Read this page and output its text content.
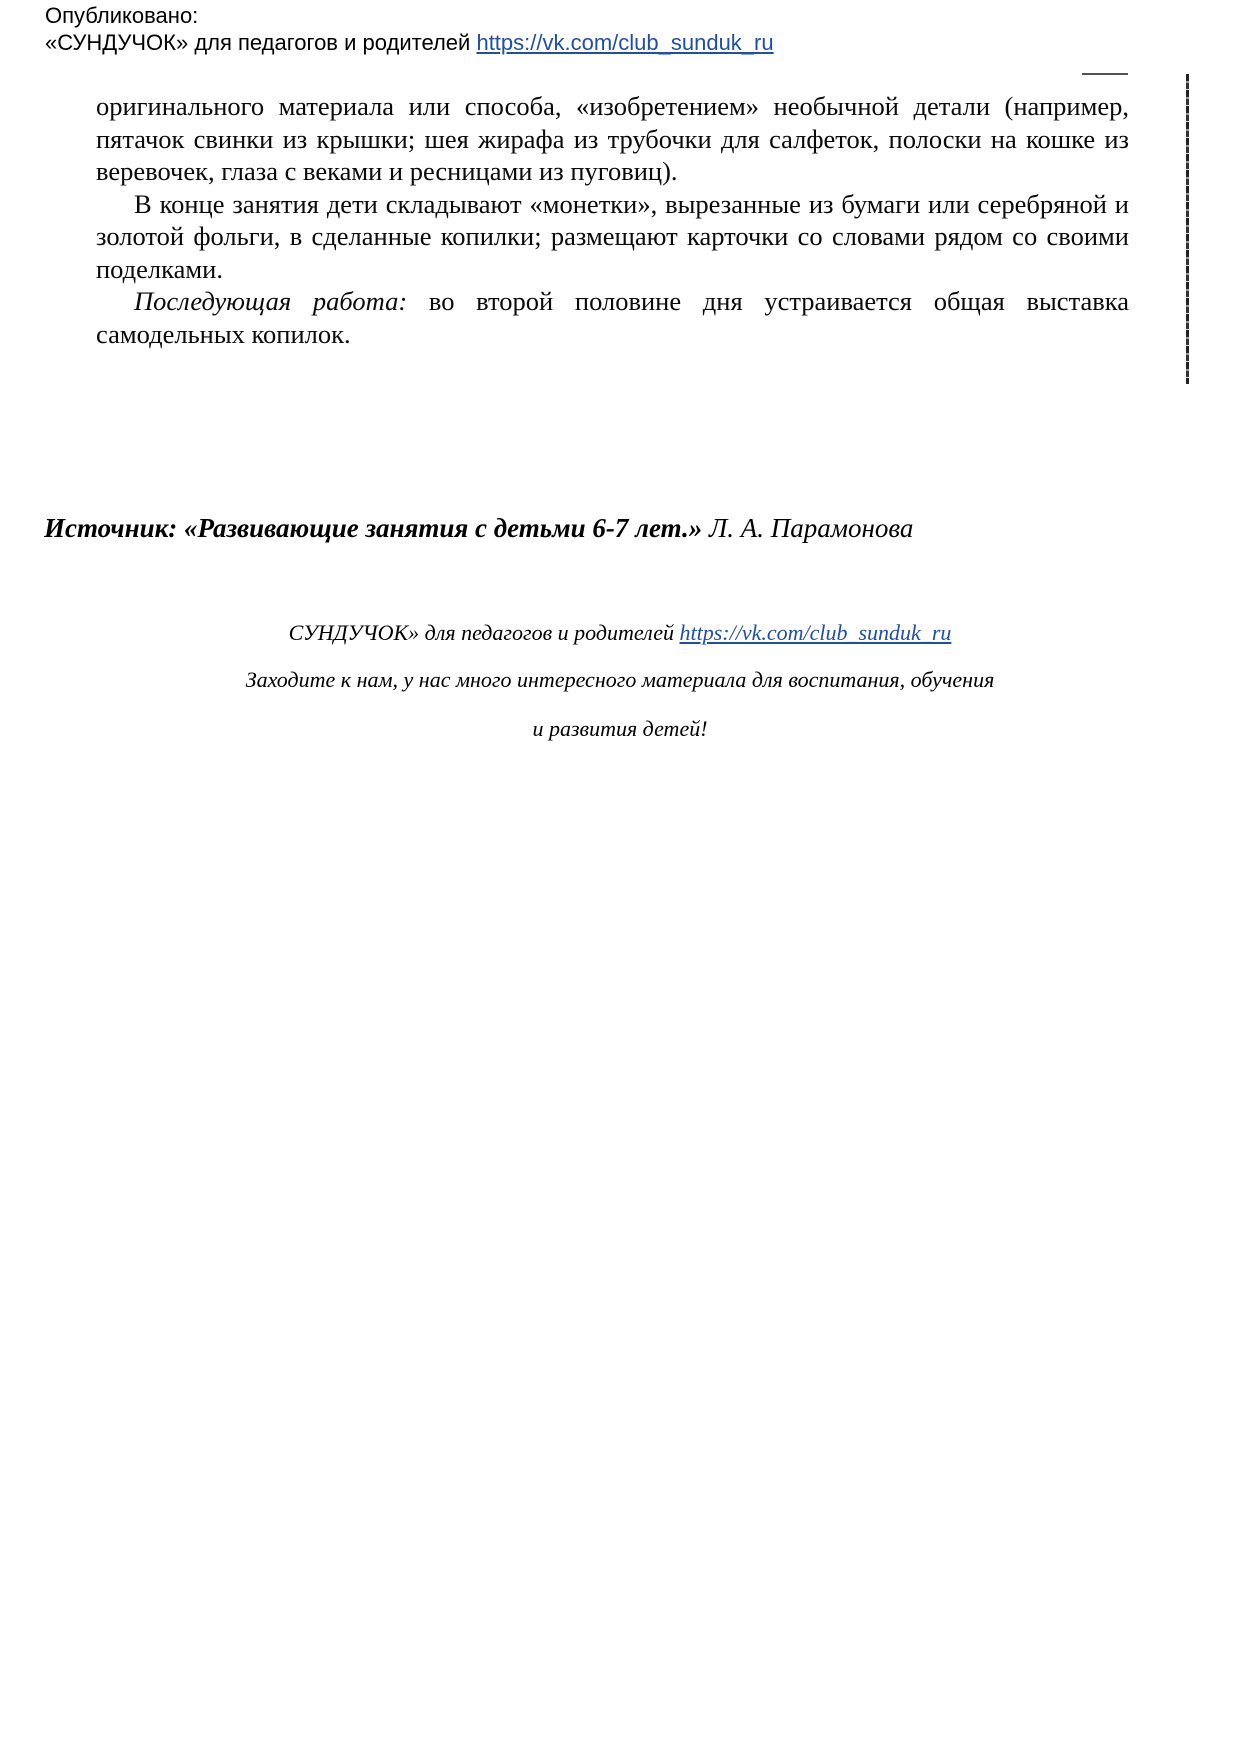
Опубликовано:
«СУНДУЧОК» для педагогов и родителей https://vk.com/club_sunduk_ru

оригинального материала или способа, «изобретением» необычной детали (например, пятачок свинки из крышки; шея жирафа из трубочки для салфеток, полоски на кошке из веревочек, глаза с веками и ресницами из пуговиц).

В конце занятия дети складывают «монетки», вырезанные из бумаги или серебряной и золотой фольги, в сделанные копилки; размещают карточки со словами рядом со своими поделками.

Последующая работа: во второй половине дня устраивается общая выставка самодельных копилок.

Источник: «Развивающие занятия с детьми 6-7 лет.» Л. А. Парамонова
СУНДУЧОК» для педагогов и родителей https://vk.com/club_sunduk_ru
Заходите к нам, у нас много интересного материала для воспитания, обучения
и развития детей!
